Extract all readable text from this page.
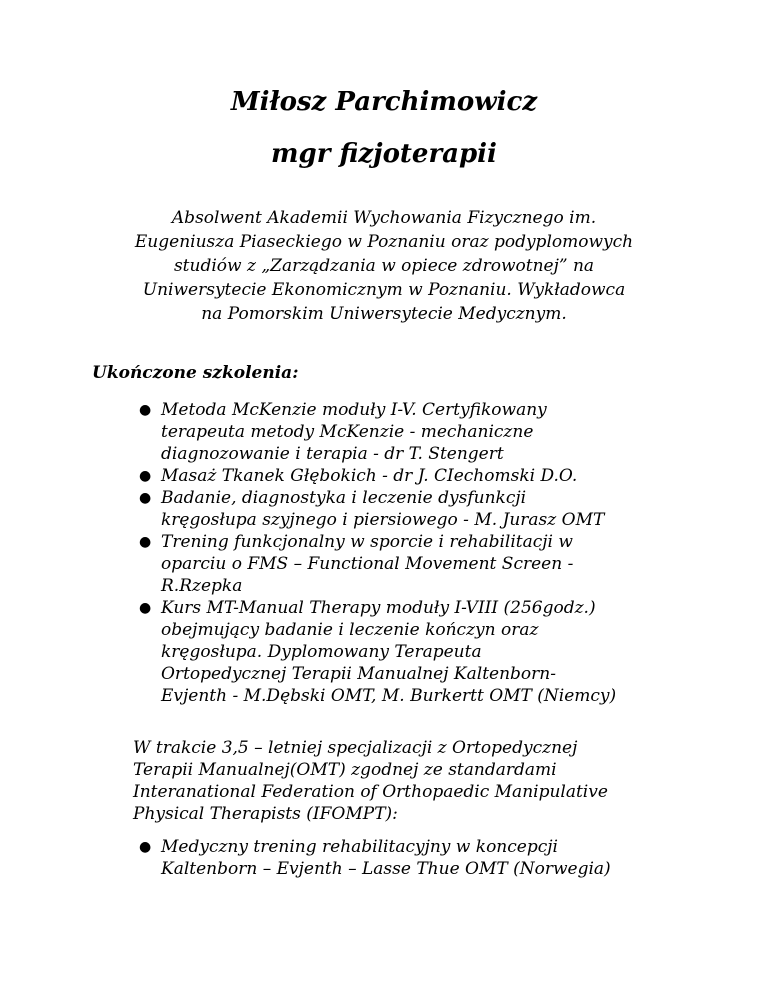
Miłosz Parchimowicz
mgr fizjoterapii

Absolwent Akademii Wychowania Fizycznego im.
Eugeniusza Piaseckiego w Poznaniu oraz podyplomowych
studiów z „Zarządzania w opiece zdrowotnej” na
Uniwersytecie Ekonomicznym w Poznaniu. Wykładowca
na Pomorskim Uniwersytecie Medycznym.

Ukończone szkolenia:
● Metoda McKenzie moduły I-V. Certyfikowany
terapeuta metody McKenzie - mechaniczne
diagnozowanie i terapia - dr T. Stengert
● Masaż Tkanek Głębokich - dr J. CIechomski D.O.
● Badanie, diagnostyka i leczenie dysfunkcji
kręgosłupa szyjnego i piersiowego - M. Jurasz OMT
● Trening funkcjonalny w sporcie i rehabilitacji w
oparciu o FMS – Functional Movement Screen -
R.Rzepka
● Kurs MT-Manual Therapy moduły I-VIII (256godz.)
obejmujący badanie i leczenie kończyn oraz
kręgosłupa. Dyplomowany Terapeuta
Ortopedycznej Terapii Manualnej Kaltenborn-
Evjenth - M.Dębski OMT, M. Burkertt OMT (Niemcy)

W trakcie 3,5 – letniej specjalizacji z Ortopedycznej
Terapii Manualnej(OMT) zgodnej ze standardami
Interanational Federation of Orthopaedic Manipulative
Physical Therapists (IFOMPT):

● Medyczny trening rehabilitacyjny w koncepcji
Kaltenborn – Evjenth – Lasse Thue OMT (Norwegia)
